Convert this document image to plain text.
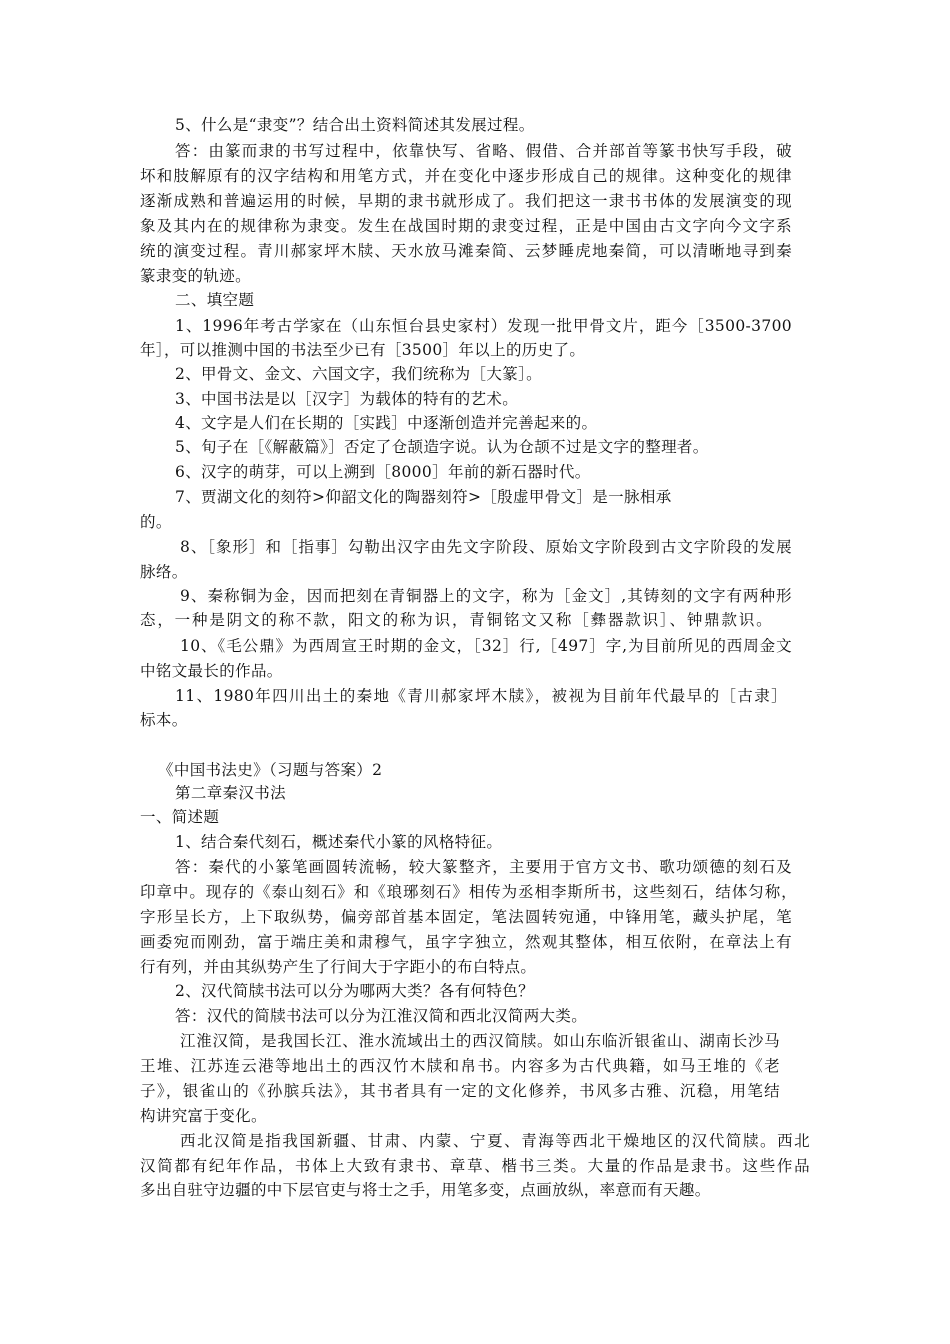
5、什么是“隶变”？结合出土资料简述其发展过程。
答：由篆而隶的书写过程中，依靠快写、省略、假借、合并部首等篆书快写手段，破
坏和肢解原有的汉字结构和用笔方式，并在变化中逐步形成自己的规律。这种变化的规律
逐渐成熟和普遍运用的时候，早期的隶书就形成了。我们把这一隶书书体的发展演变的现
象及其内在的规律称为隶变。发生在战国时期的隶变过程，正是中国由古文字向今文字系
统的演变过程。青川郝家坪木牍、天水放马滩秦简、云梦睡虎地秦简，可以清晰地寻到秦
篆隶变的轨迹。
二、填空题
1、1996年考古学家在（山东恒台县史家村）发现一批甲骨文片，距今［3500-3700
年］，可以推测中国的书法至少已有［3500］年以上的历史了。
2、甲骨文、金文、六国文字，我们统称为［大篆］。
3、中国书法是以［汉字］为载体的特有的艺术。
4、文字是人们在长期的［实践］中逐渐创造并完善起来的。
5、旬子在［《解蔽篇》］否定了仓颉造字说。认为仓颉不过是文字的整理者。
6、汉字的萌芽，可以上溯到［8000］年前的新石器时代。
7、贾湖文化的刻符>仰韶文化的陶器刻符>［殷虚甲骨文］是一脉相承
的。
8、［象形］和［指事］勾勒出汉字由先文字阶段、原始文字阶段到古文字阶段的发展
脉络。
9、秦称铜为金，因而把刻在青铜器上的文字，称为［金文］,其铸刻的文字有两种形
态，一种是阴文的称不款，阳文的称为识，青铜铭文又称［彝器款识］、钟鼎款识。
10、《毛公鼎》为西周宣王时期的金文，［32］行,［497］字,为目前所见的西周金文
中铭文最长的作品。
11、1980年四川出土的秦地《青川郝家坪木牍》，被视为目前年代最早的［古隶］
标本。
《中国书法史》（习题与答案）2
第二章秦汉书法
一、简述题
1、结合秦代刻石，概述秦代小篆的风格特征。
答：秦代的小篆笔画圆转流畅，较大篆整齐，主要用于官方文书、歌功颂德的刻石及
印章中。现存的《泰山刻石》和《琅琊刻石》相传为丞相李斯所书，这些刻石，结体匀称，
字形呈长方，上下取纵势，偏旁部首基本固定，笔法圆转宛通，中锋用笔，藏头护尾，笔
画委宛而刚劲，富于端庄美和肃穆气，虽字字独立，然观其整体，相互依附，在章法上有
行有列，并由其纵势产生了行间大于字距小的布白特点。
2、汉代简牍书法可以分为哪两大类？各有何特色？
答：汉代的简牍书法可以分为江淮汉简和西北汉简两大类。
江淮汉简，是我国长江、淮水流域出土的西汉简牍。如山东临沂银雀山、湖南长沙马
王堆、江苏连云港等地出土的西汉竹木牍和帛书。内容多为古代典籍，如马王堆的《老
子》，银雀山的《孙膑兵法》，其书者具有一定的文化修养，书风多古雅、沉稳，用笔结
构讲究富于变化。
西北汉简是指我国新疆、甘肃、内蒙、宁夏、青海等西北干燥地区的汉代简牍。西北
汉简都有纪年作品，书体上大致有隶书、章草、楷书三类。大量的作品是隶书。这些作品
多出自驻守边疆的中下层官吏与将士之手，用笔多变，点画放纵，率意而有天趣。
